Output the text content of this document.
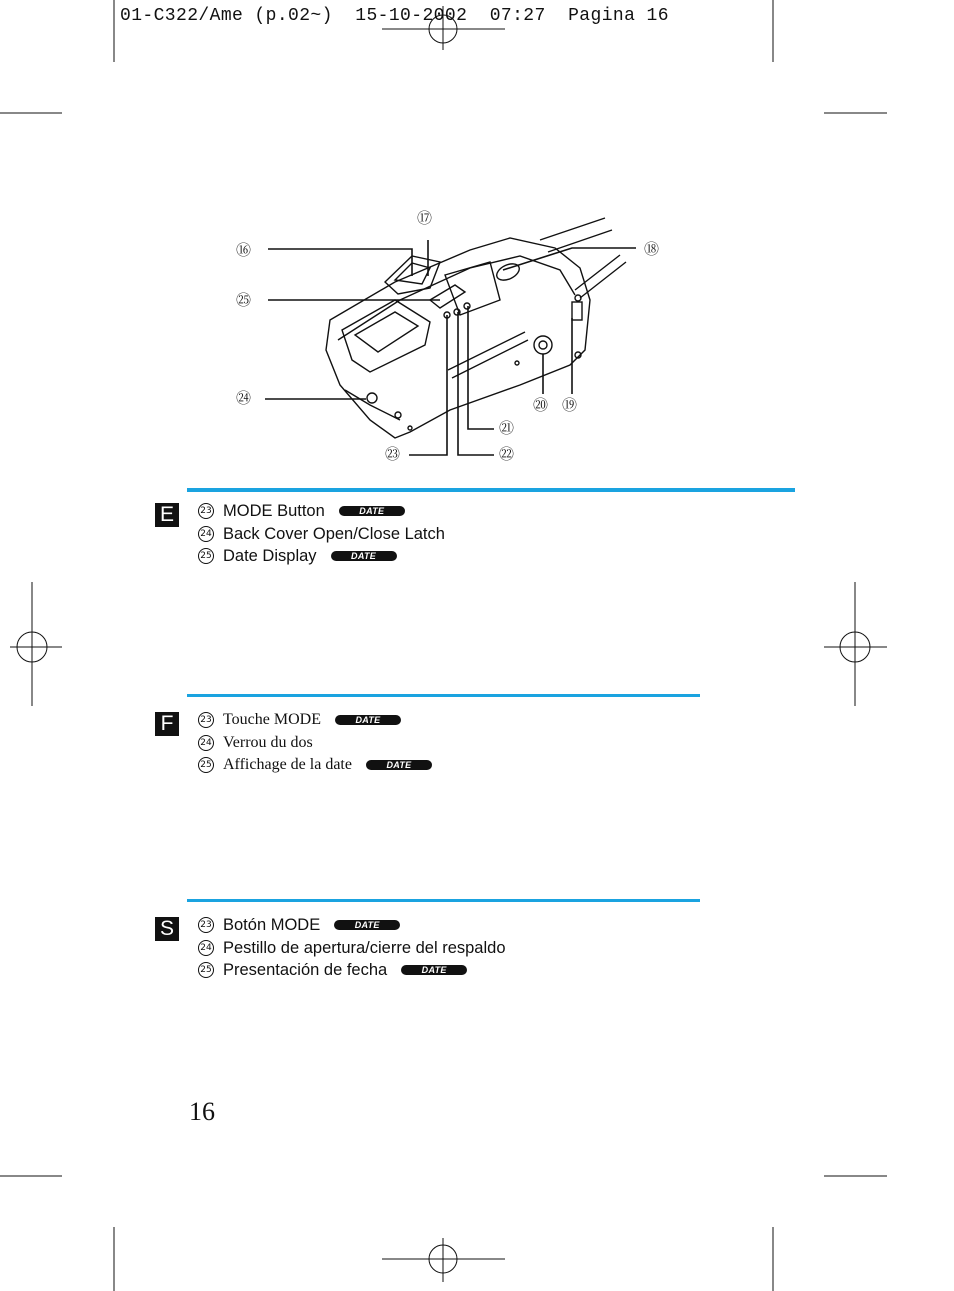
01-C322/Ame (p.02~) 15-10-2002 07:27 Pagina 16
⑯
⑰
⑱
⑲
⑳
㉑
㉒
㉓
㉔
㉕
E	23 MODE Button	DATE
24 Back Cover Open/Close Latch
25 Date Display	DATE
F	23 Touche MODE	DATE
24 Verrou du dos
25 Affichage de la date	DATE
S	23 Botón MODE	DATE
24 Pestillo de apertura/cierre del respaldo
25 Presentación de fecha	DATE
16
